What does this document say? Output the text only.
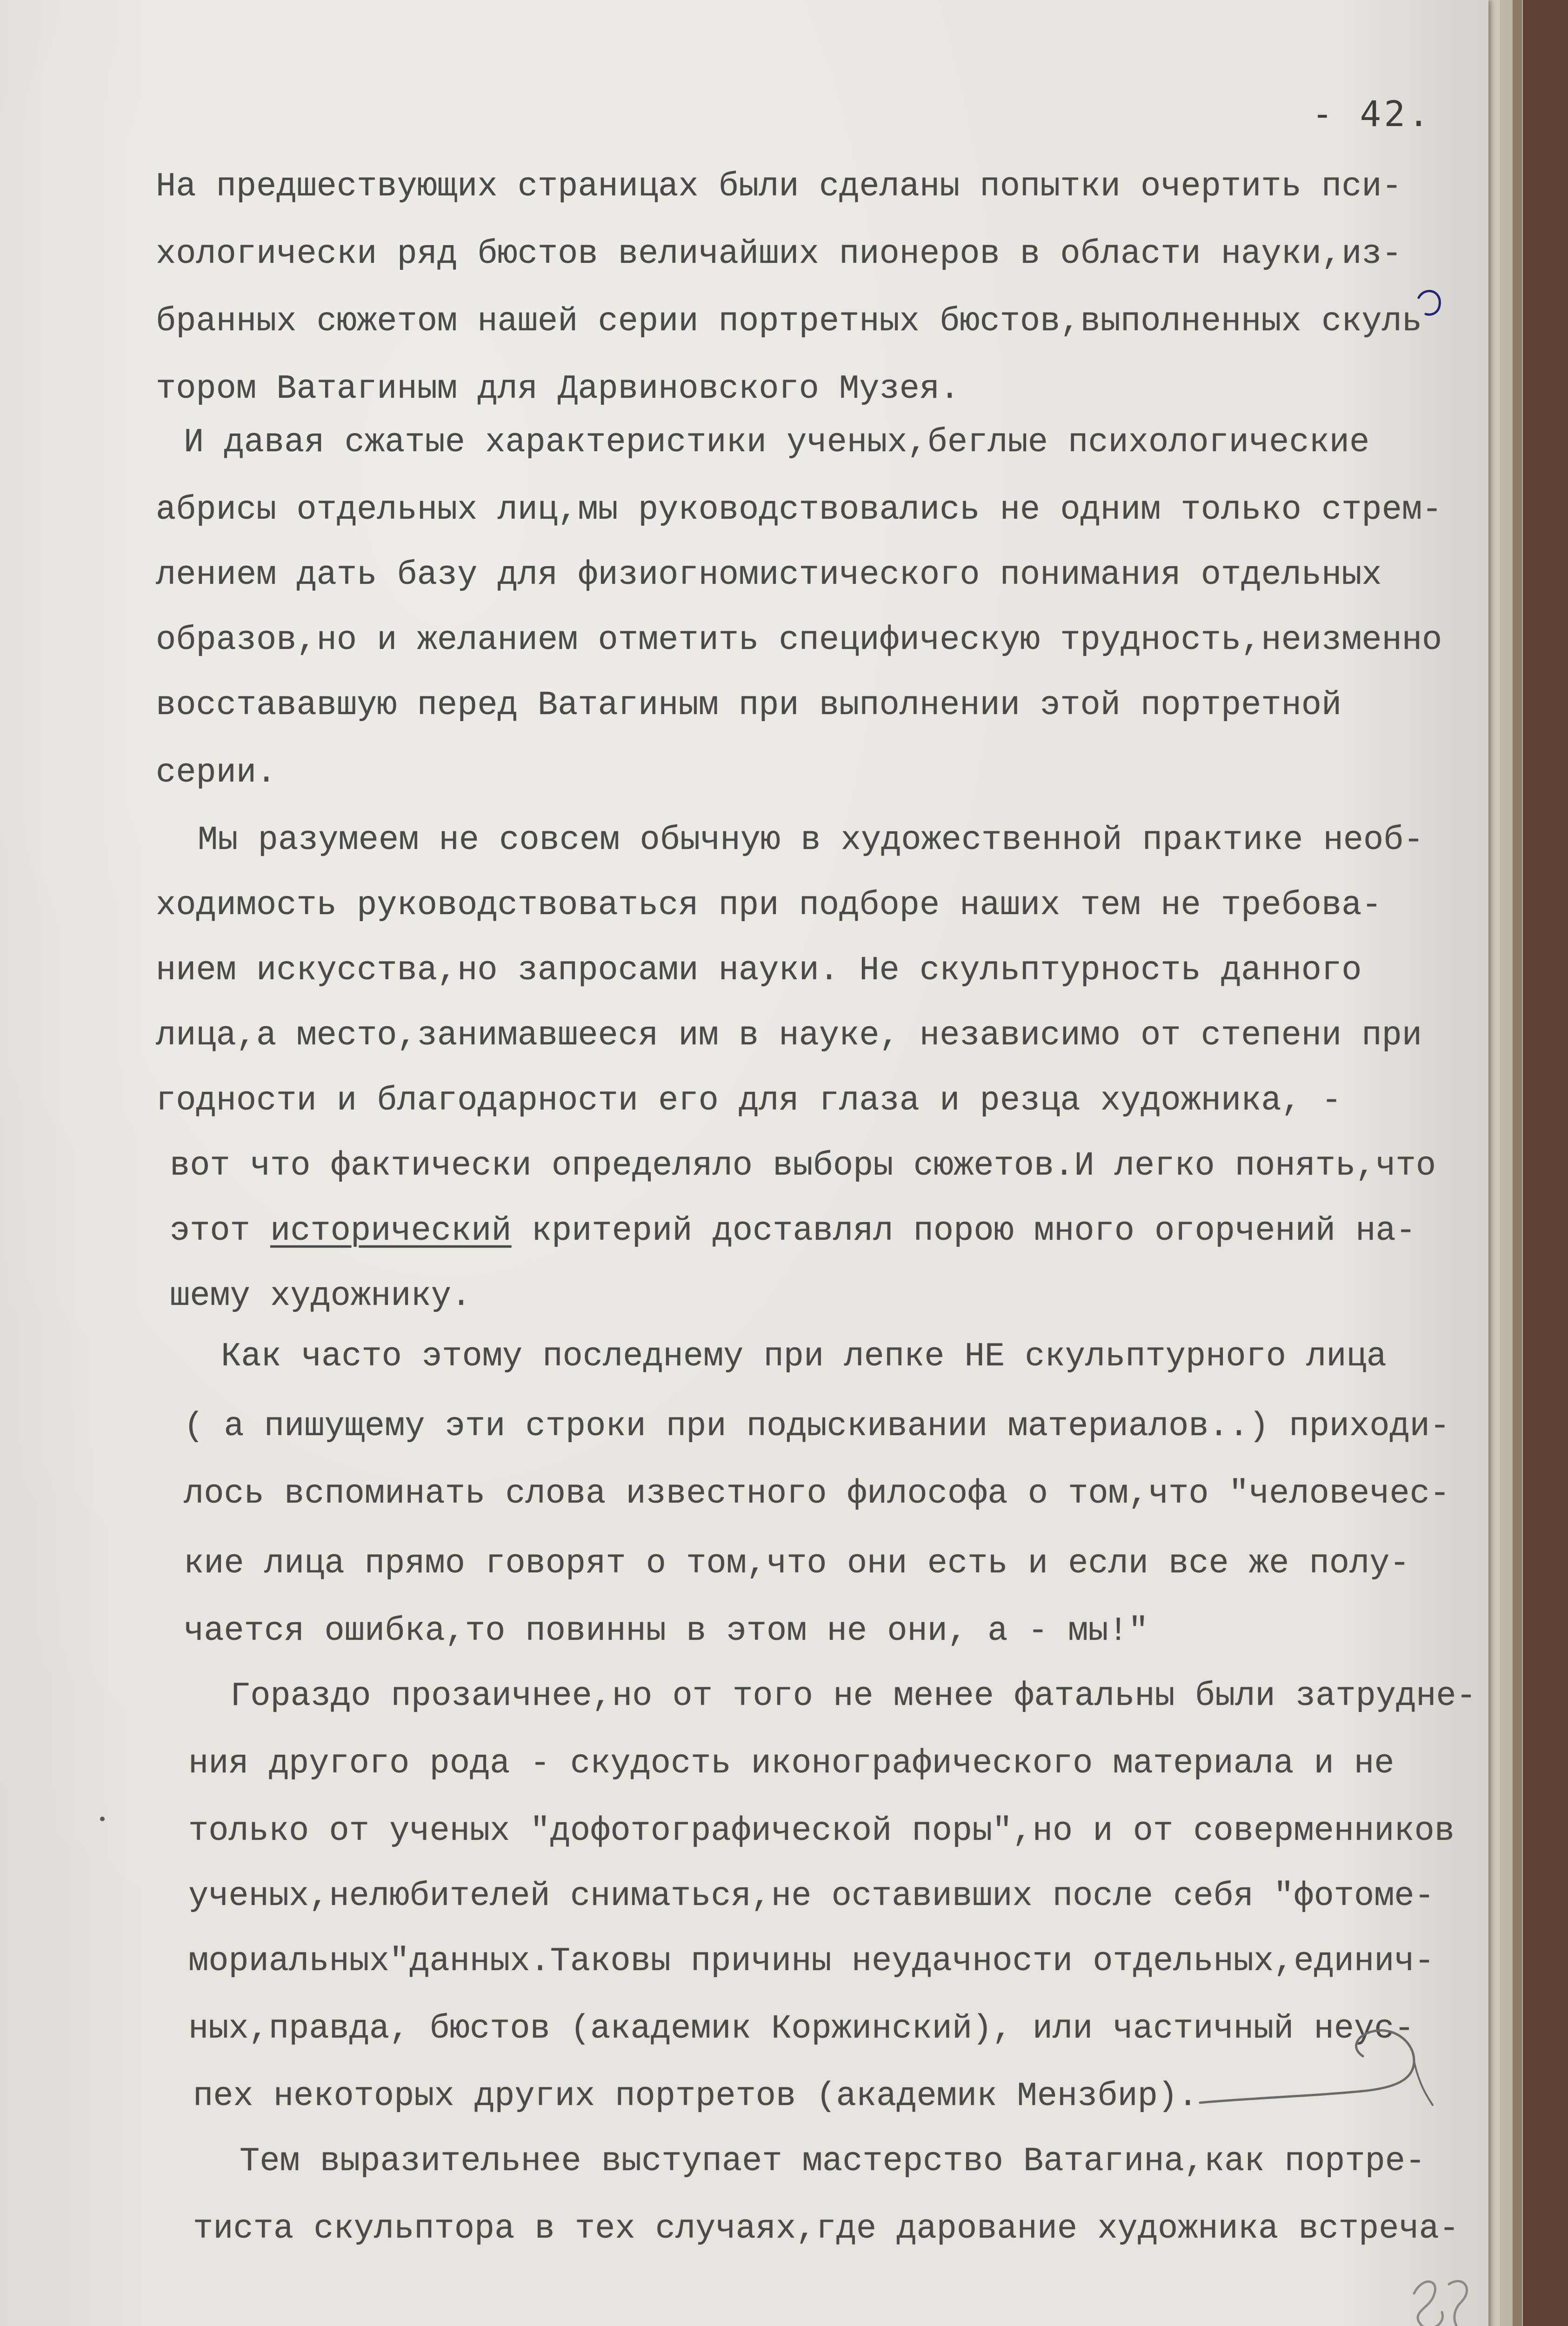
- 42.
На предшествующих страницах были сделаны попытки очертить пси-
хологически ряд бюстов величайших пионеров в области науки,из-
бранных сюжетом нашей серии портретных бюстов,выполненных скуль
тором Ватагиным для Дарвиновского Музея.
И давая сжатые характеристики ученых,беглые психологические
абрисы отдельных лиц,мы руководствовались не одним только стрем-
лением дать базу для физиогномистического понимания отдельных
образов,но и желанием отметить специфическую трудность,неизменно
восстававшую перед Ватагиным при выполнении этой портретной
серии.
Мы разумеем не совсем обычную в художественной практике необ-
ходимость руководствоваться при подборе наших тем не требова-
нием искусства,но запросами науки. Не скульптурность данного
лица,а место,занимавшееся им в науке, независимо от степени при
годности и благодарности его для глаза и резца художника, -
вот что фактически определяло выборы сюжетов.И легко понять,что
этот исторический критерий доставлял порою много огорчений на-
шему художнику.
Как часто этому последнему при лепке НЕ скульптурного лица
( а пишущему эти строки при подыскивании материалов..) приходи-
лось вспоминать слова известного философа о том,что "человечес-
кие лица прямо говорят о том,что они есть и если все же полу-
чается ошибка,то повинны в этом не они, а - мы!"
Гораздо прозаичнее,но от того не менее фатальны были затрудне-
ния другого рода - скудость иконографического материала и не
только от ученых "дофотографической поры",но и от соверменников
ученых,нелюбителей сниматься,не оставивших после себя "фотоме-
мориальных"данных.Таковы причины неудачности отдельных,единич-
ных,правда, бюстов (академик Коржинский), или частичный неус-
пех некоторых других портретов (академик Мензбир).
Тем выразительнее выступает мастерство Ватагина,как портре-
тиста скульптора в тех случаях,где дарование художника встреча-
